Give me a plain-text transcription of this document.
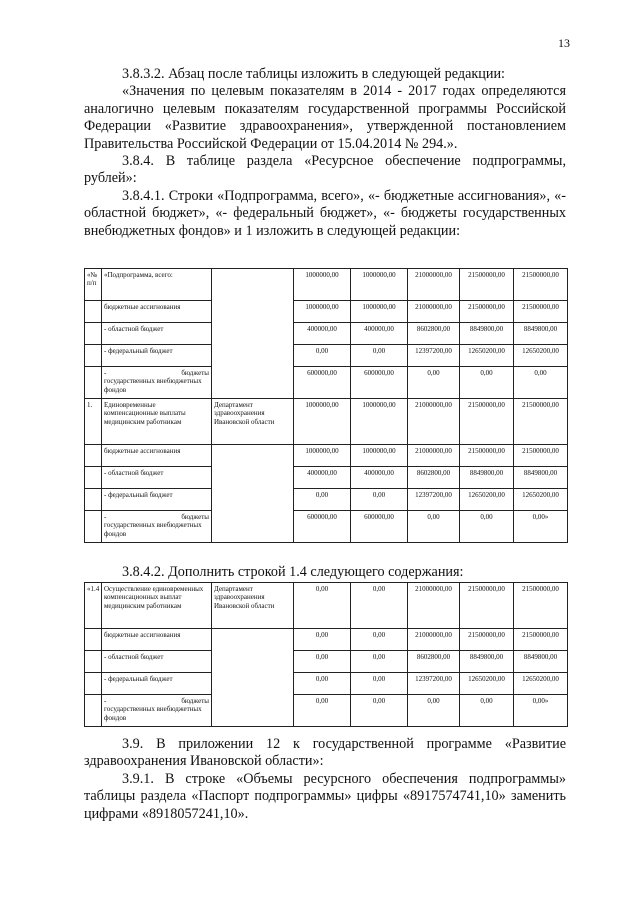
13

3.8.3.2. Абзац после таблицы изложить в следующей редакции:

«Значения по целевым показателям в 2014 - 2017 годах определяются аналогично целевым показателям государственной программы Российской Федерации «Развитие здравоохранения», утвержденной постановлением Правительства Российской Федерации от 15.04.2014 № 294.».

3.8.4. В таблице раздела «Ресурсное обеспечение подпрограммы, рублей»:

3.8.4.1. Строки «Подпрограмма, всего», «- бюджетные ассигнования», «- областной бюджет», «- федеральный бюджет», «- бюджеты государственных внебюджетных фондов» и 1 изложить в следующей редакции:

«№ п/п	«Подпрограмма, всего:		1000000,00	1000000,00	21000000,00	21500000,00	21500000,00
	бюджетные ассигнования		1000000,00	1000000,00	21000000,00	21500000,00	21500000,00
	- областной бюджет		400000,00	400000,00	8602800,00	8849800,00	8849800,00
	- федеральный бюджет		0,00	0,00	12397200,00	12650200,00	12650200,00

	- бюджеты
государственных внебюджетных фондов		600000,00	600000,00	0,00	0,00	0,00
1.	Единовременные компенсационные выплаты медицинским работникам	Департамент здравоохранения Ивановской области	1000000,00	1000000,00	21000000,00	21500000,00	21500000,00
	бюджетные ассигнования		1000000,00	1000000,00	21000000,00	21500000,00	21500000,00
	- областной бюджет		400000,00	400000,00	8602800,00	8849800,00	8849800,00
	- федеральный бюджет		0,00	0,00	12397200,00	12650200,00	12650200,00

	- бюджеты
государственных внебюджетных фондов		600000,00	600000,00	0,00	0,00	0,00»

3.8.4.2. Дополнить строкой 1.4 следующего содержания:

«1.4	Осуществление единовременных компенсационных выплат медицинским работникам	Департамент здравоохранения Ивановской области	0,00	0,00	21000000,00	21500000,00	21500000,00
	бюджетные ассигнования		0,00	0,00	21000000,00	21500000,00	21500000,00
	- областной бюджет		0,00	0,00	8602800,00	8849800,00	8849800,00
	- федеральный бюджет		0,00	0,00	12397200,00	12650200,00	12650200,00

	- бюджеты
государственных внебюджетных фондов		0,00	0,00	0,00	0,00	0,00»

3.9. В приложении 12 к государственной программе «Развитие здравоохранения Ивановской области»:

3.9.1. В строке «Объемы ресурсного обеспечения подпрограммы» таблицы раздела «Паспорт подпрограммы» цифры «8917574741,10» заменить цифрами «8918057241,10».
